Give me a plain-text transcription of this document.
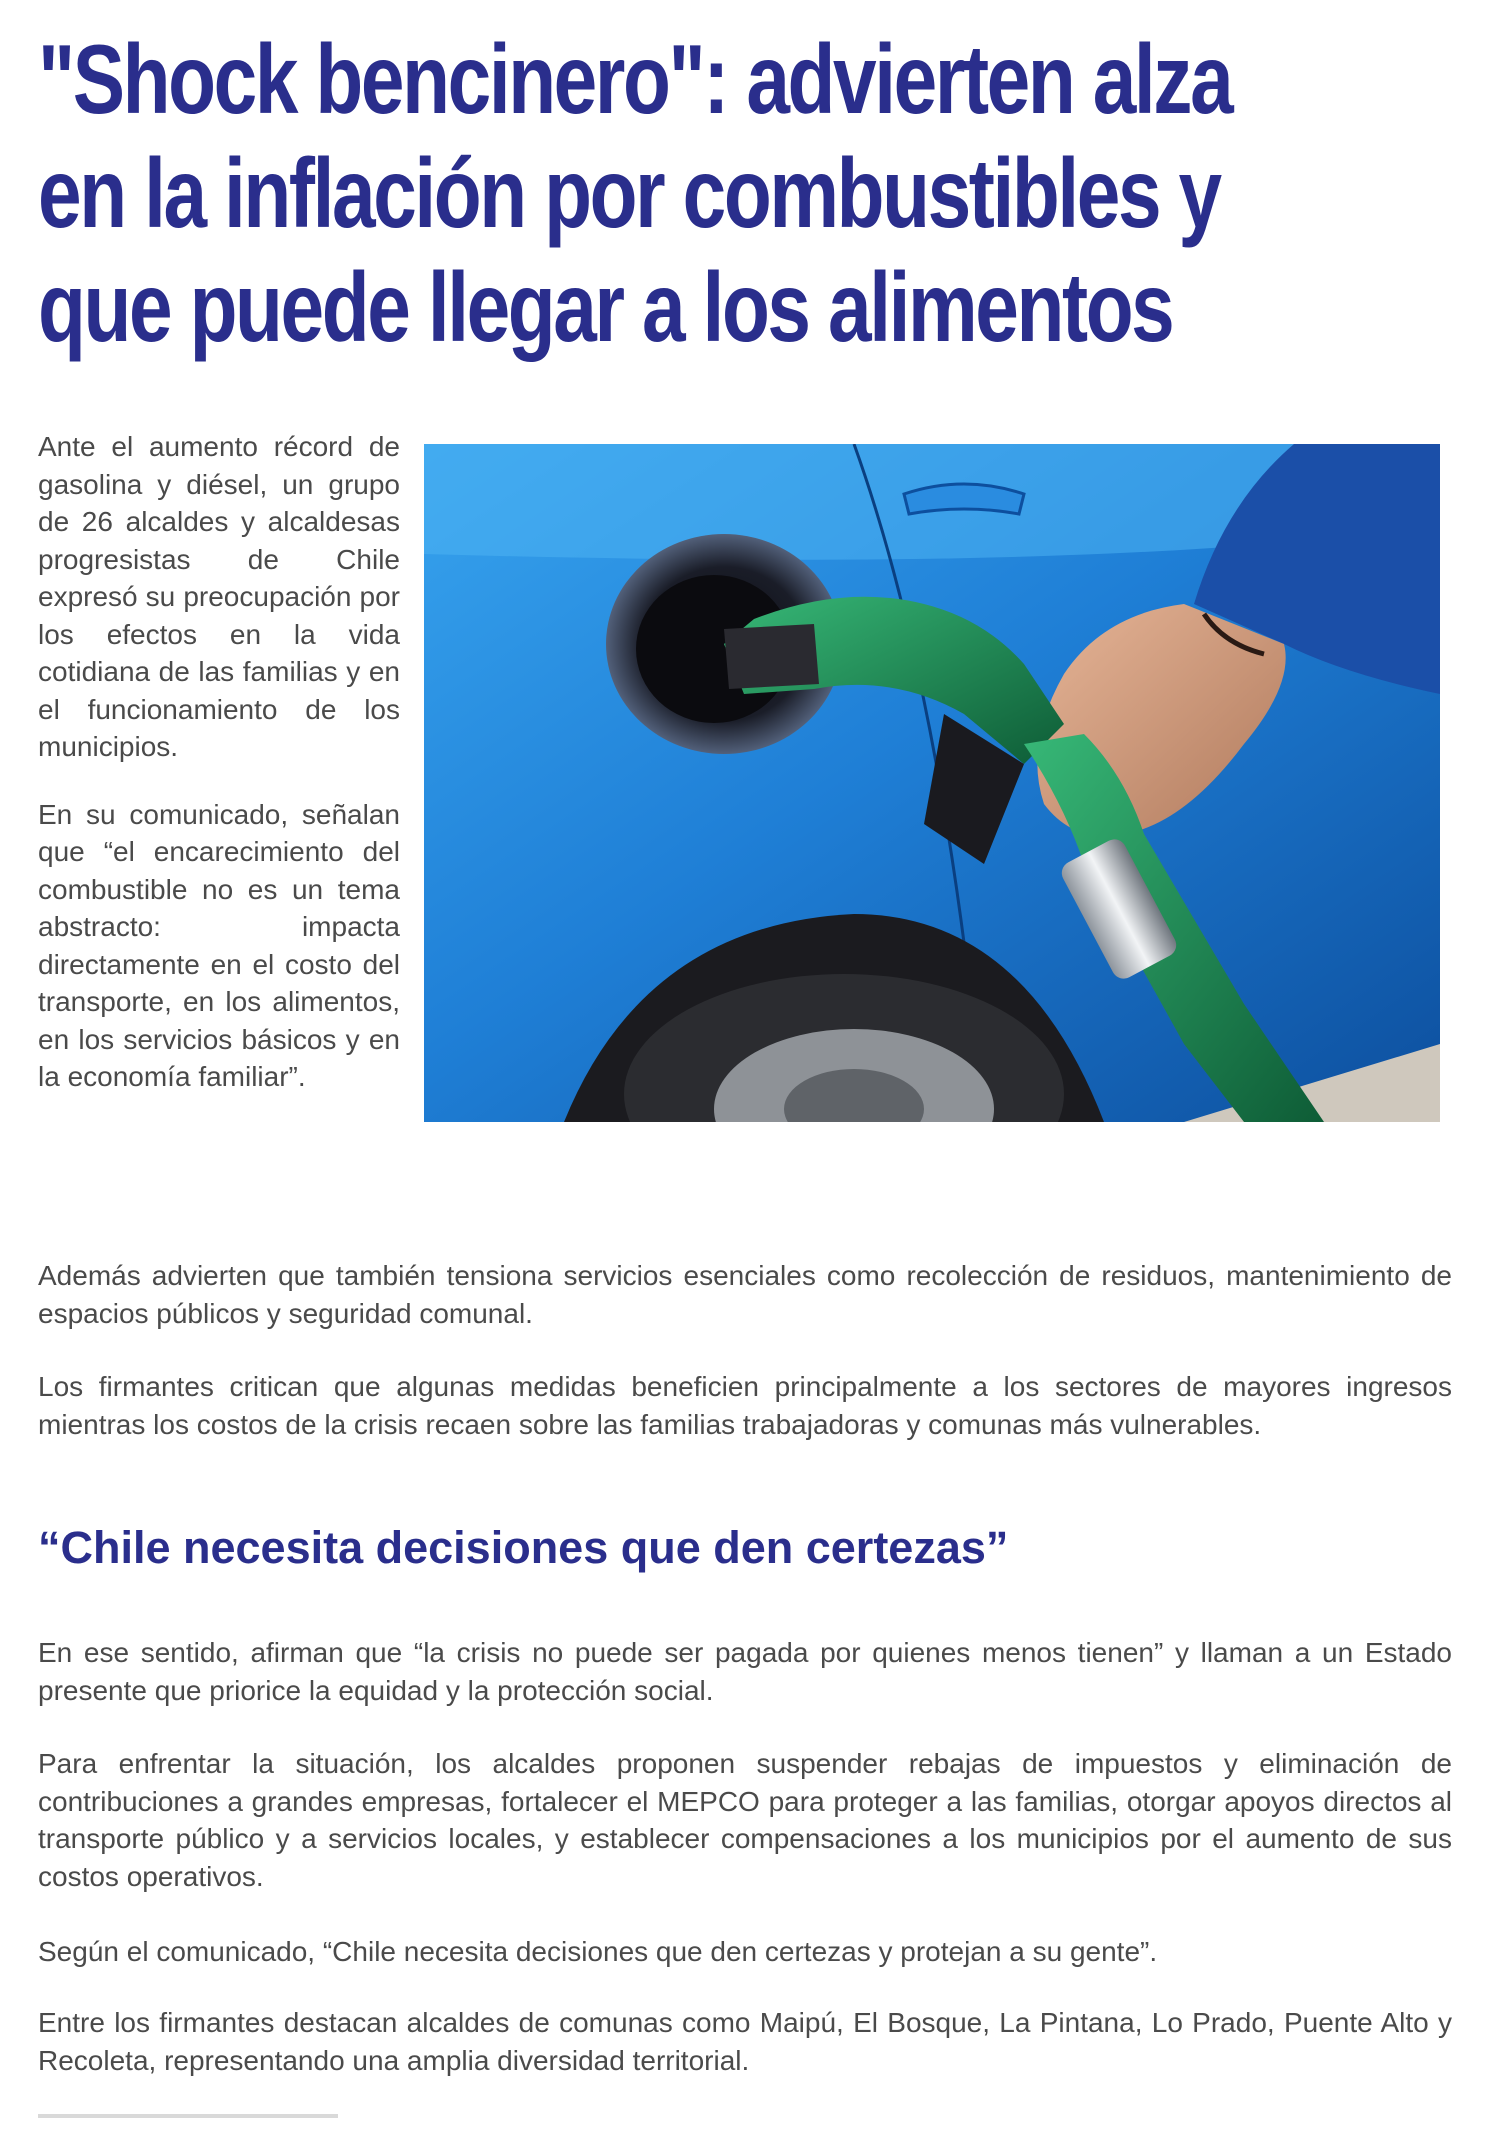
"Shock bencinero": advierten alza
en la inflación por combustibles y
que puede llegar a los alimentos

Ante el aumento récord de gasolina y diésel, un grupo de 26 alcaldes y alcaldesas progresistas de Chile expresó su preocupación por los efectos en la vida cotidiana de las familias y en el funcionamiento de los municipios.

En su comunicado, señalan que “el encarecimiento del combustible no es un tema abstracto: impacta directamente en el costo del transporte, en los alimentos, en los servicios básicos y en la economía familiar”.

Además advierten que también tensiona servicios esenciales como recolección de residuos, mantenimiento de espacios públicos y seguridad comunal.

Los firmantes critican que algunas medidas beneficien principalmente a los sectores de mayores ingresos mientras los costos de la crisis recaen sobre las familias trabajadoras y comunas más vulnerables.

“Chile necesita decisiones que den certezas”

En ese sentido, afirman que “la crisis no puede ser pagada por quienes menos tienen” y llaman a un Estado presente que priorice la equidad y la protección social.

Para enfrentar la situación, los alcaldes proponen suspender rebajas de impuestos y eliminación de contribuciones a grandes empresas, fortalecer el MEPCO para proteger a las familias, otorgar apoyos directos al transporte público y a servicios locales, y establecer compensaciones a los municipios por el aumento de sus costos operativos.

Según el comunicado, “Chile necesita decisiones que den certezas y protejan a su gente”.

Entre los firmantes destacan alcaldes de comunas como Maipú, El Bosque, La Pintana, Lo Prado, Puente Alto y Recoleta, representando una amplia diversidad territorial.
